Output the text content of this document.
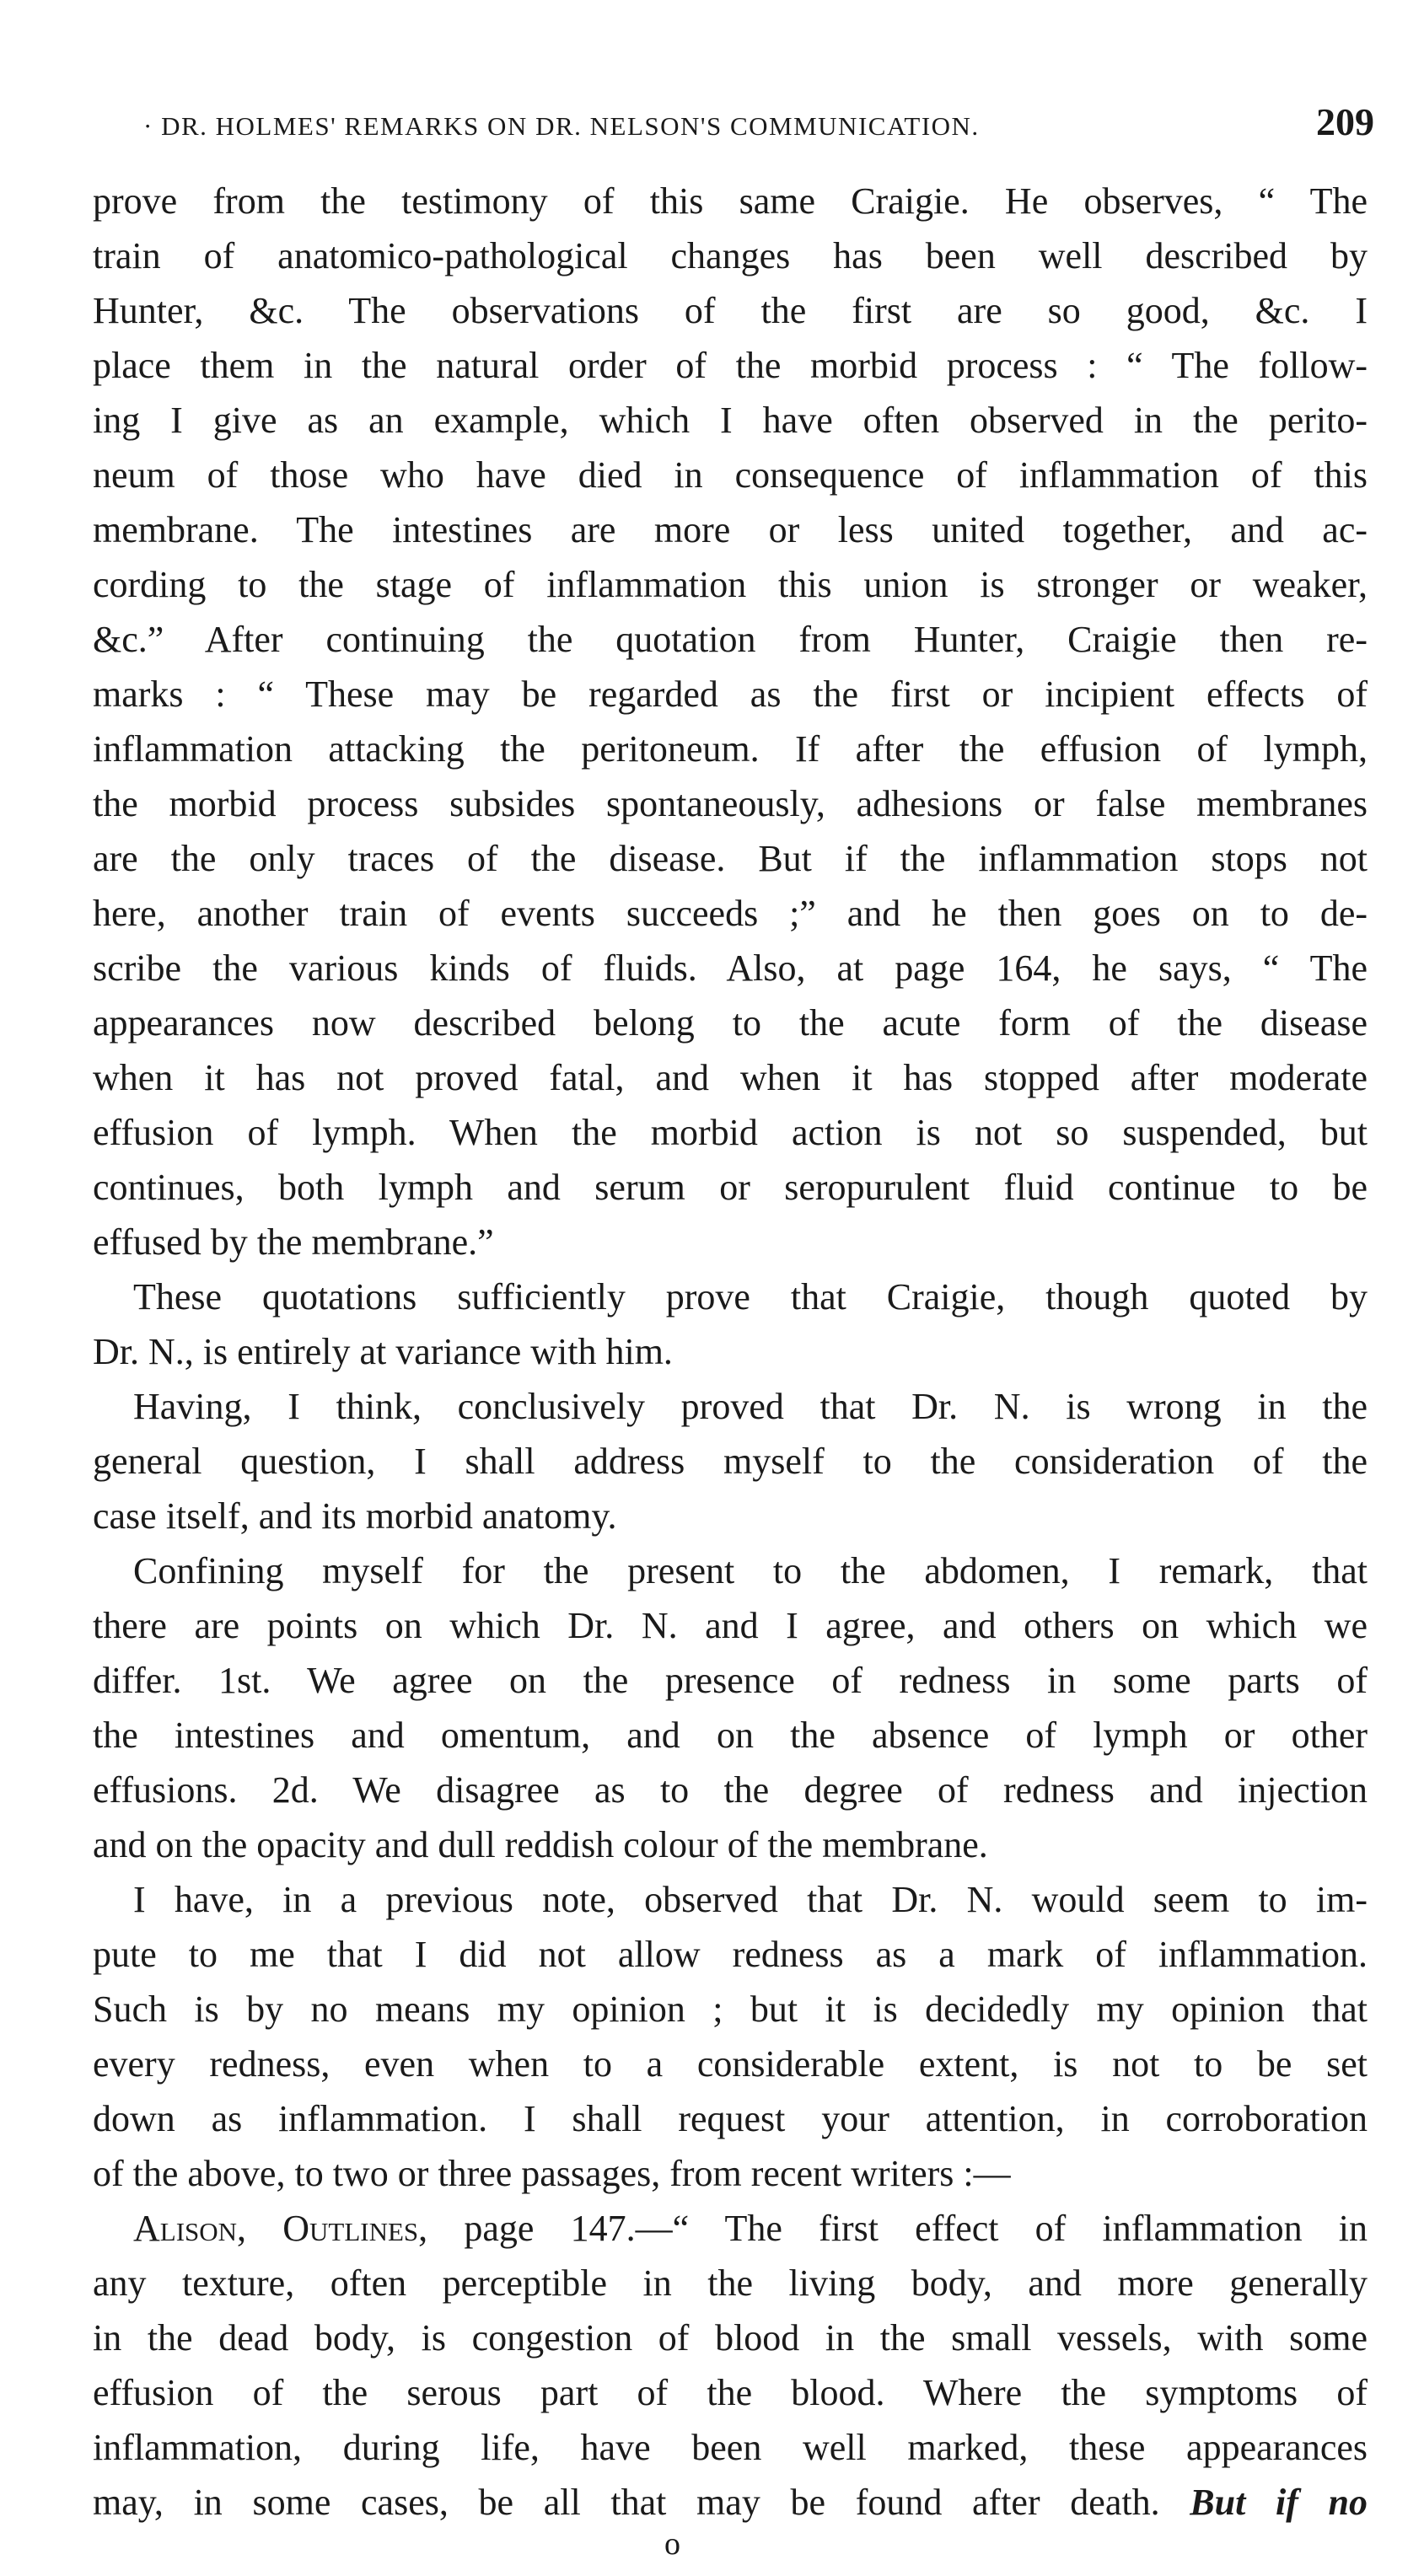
· DR. HOLMES' REMARKS ON DR. NELSON'S COMMUNICATION.	209
prove from the testimony of this same Craigie. He observes, “ The
train of anatomico-pathological changes has been well described by
Hunter, &c. The observations of the first are so good, &c. I
place them in the natural order of the morbid process : “ The follow-
ing I give as an example, which I have often observed in the perito-
neum of those who have died in consequence of inflammation of this
membrane. The intestines are more or less united together, and ac-
cording to the stage of inflammation this union is stronger or weaker,
&c.” After continuing the quotation from Hunter, Craigie then re-
marks : “ These may be regarded as the first or incipient effects of
inflammation attacking the peritoneum. If after the effusion of lymph,
the morbid process subsides spontaneously, adhesions or false membranes
are the only traces of the disease. But if the inflammation stops not
here, another train of events succeeds ;” and he then goes on to de-
scribe the various kinds of fluids. Also, at page 164, he says, “ The
appearances now described belong to the acute form of the disease
when it has not proved fatal, and when it has stopped after moderate
effusion of lymph. When the morbid action is not so suspended, but
continues, both lymph and serum or seropurulent fluid continue to be
effused by the membrane.”
These quotations sufficiently prove that Craigie, though quoted by
Dr. N., is entirely at variance with him.
Having, I think, conclusively proved that Dr. N. is wrong in the
general question, I shall address myself to the consideration of the
case itself, and its morbid anatomy.
Confining myself for the present to the abdomen, I remark, that
there are points on which Dr. N. and I agree, and others on which we
differ. 1st. We agree on the presence of redness in some parts of
the intestines and omentum, and on the absence of lymph or other
effusions. 2d. We disagree as to the degree of redness and injection
and on the opacity and dull reddish colour of the membrane.
I have, in a previous note, observed that Dr. N. would seem to im-
pute to me that I did not allow redness as a mark of inflammation.
Such is by no means my opinion ; but it is decidedly my opinion that
every redness, even when to a considerable extent, is not to be set
down as inflammation. I shall request your attention, in corroboration
of the above, to two or three passages, from recent writers :—
Alison, Outlines, page 147.—“ The first effect of inflammation in
any texture, often perceptible in the living body, and more generally
in the dead body, is congestion of blood in the small vessels, with some
effusion of the serous part of the blood. Where the symptoms of
inflammation, during life, have been well marked, these appearances
may, in some cases, be all that may be found after death. But if no
o
